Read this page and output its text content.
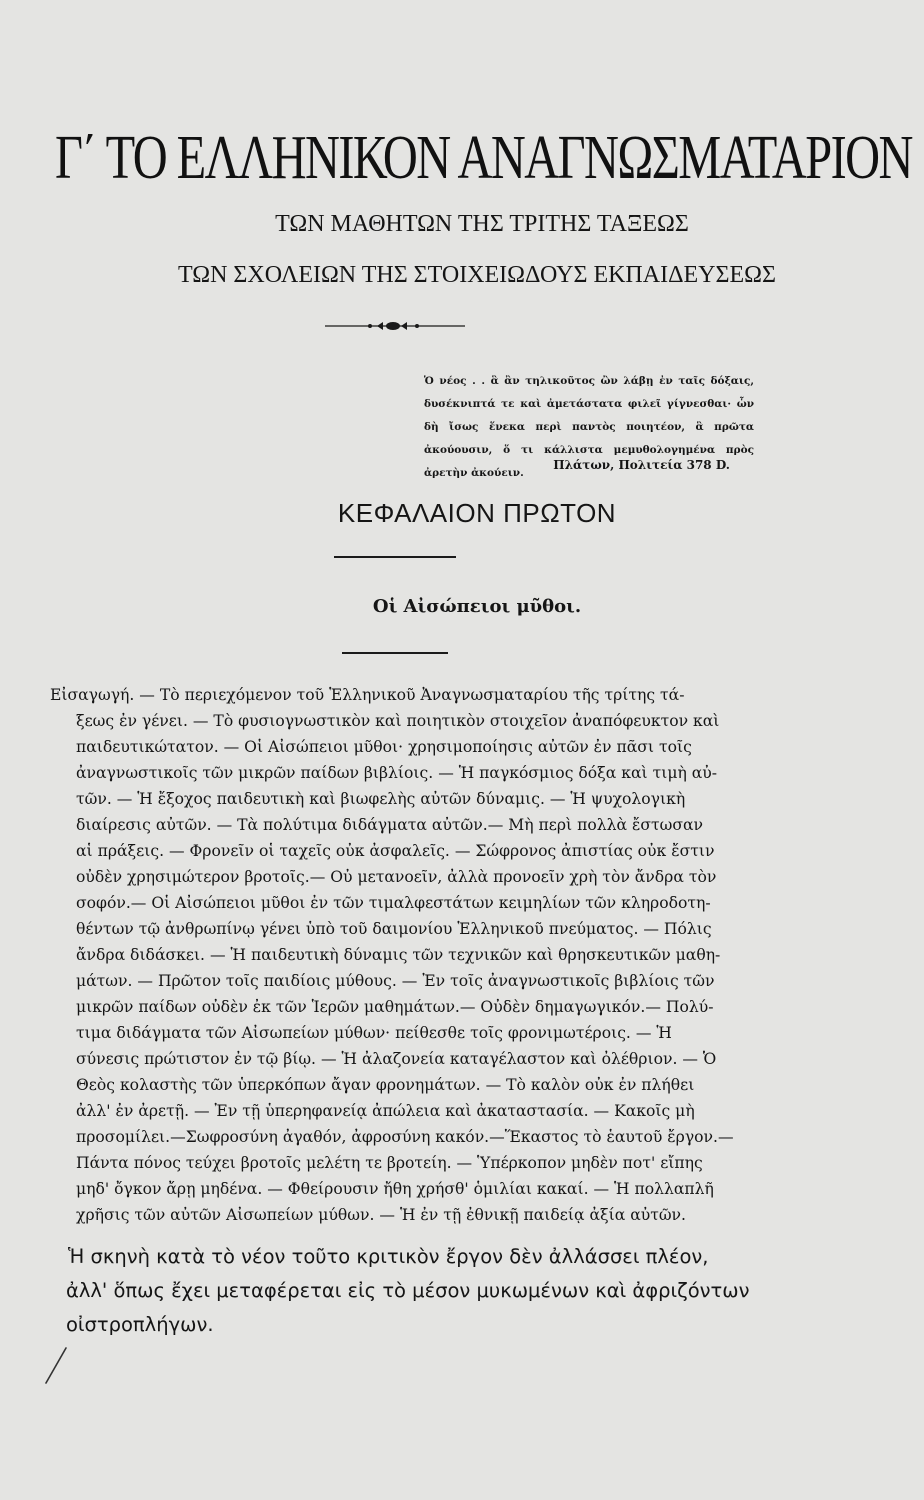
Γ΄ ΤΟ ΕΛΛΗΝΙΚΟΝ ΑΝΑΓΝΩΣΜΑΤΑΡΙΟΝ
ΤΩΝ ΜΑΘΗΤΩΝ ΤΗΣ ΤΡΙΤΗΣ ΤΑΞΕΩΣ
ΤΩΝ ΣΧΟΛΕΙΩΝ ΤΗΣ ΣΤΟΙΧΕΙΩΔΟΥΣ ΕΚΠΑΙΔΕΥΣΕΩΣ
Ὁ νέος . . ἃ ἂν τηλικοῦτος ὢν λάβῃ ἐν ταῖς δόξαις, δυσέκνιπτά τε καὶ ἀμετάστατα φιλεῖ γίγνεσθαι· ὧν δὴ ἴσως ἕνεκα περὶ παντὸς ποιητέον, ἃ πρῶτα ἀκούουσιν, ὅ τι κάλλιστα μεμυθολογημένα πρὸς ἀρετὴν ἀκούειν.
Πλάτων, Πολιτεία 378 D.
ΚΕΦΑΛΑΙΟΝ ΠΡΩΤΟΝ
Οἱ Αἰσώπειοι μῦθοι.
Εἰσαγωγή. — Τὸ περιεχόμενον τοῦ Ἑλληνικοῦ Ἀναγνωσματαρίου τῆς τρίτης τά-
ξεως ἐν γένει. — Τὸ φυσιογνωστικὸν καὶ ποιητικὸν στοιχεῖον ἀναπόφευκτον καὶ
παιδευτικώτατον. — Οἱ Αἰσώπειοι μῦθοι· χρησιμοποίησις αὐτῶν ἐν πᾶσι τοῖς
ἀναγνωστικοῖς τῶν μικρῶν παίδων βιβλίοις. — Ἡ παγκόσμιος δόξα καὶ τιμὴ αὐ-
τῶν. — Ἡ ἔξοχος παιδευτικὴ καὶ βιωφελὴς αὐτῶν δύναμις. — Ἡ ψυχολογικὴ
διαίρεσις αὐτῶν. — Τὰ πολύτιμα διδάγματα αὐτῶν.— Μὴ περὶ πολλὰ ἔστωσαν
αἱ πράξεις. — Φρονεῖν οἱ ταχεῖς οὐκ ἀσφαλεῖς. — Σώφρονος ἀπιστίας οὐκ ἔστιν
οὐδὲν χρησιμώτερον βροτοῖς.— Οὐ μετανοεῖν, ἀλλὰ προνοεῖν χρὴ τὸν ἄνδρα τὸν
σοφόν.— Οἱ Αἰσώπειοι μῦθοι ἐν τῶν τιμαλφεστάτων κειμηλίων τῶν κληροδοτη-
θέντων τῷ ἀνθρωπίνῳ γένει ὑπὸ τοῦ δαιμονίου Ἑλληνικοῦ πνεύματος. — Πόλις
ἄνδρα διδάσκει. — Ἡ παιδευτικὴ δύναμις τῶν τεχνικῶν καὶ θρησκευτικῶν μαθη-
μάτων. — Πρῶτον τοῖς παιδίοις μύθους. — Ἐν τοῖς ἀναγνωστικοῖς βιβλίοις τῶν
μικρῶν παίδων οὐδὲν ἐκ τῶν Ἱερῶν μαθημάτων.— Οὐδὲν δημαγωγικόν.— Πολύ-
τιμα διδάγματα τῶν Αἰσωπείων μύθων· πείθεσθε τοῖς φρονιμωτέροις. — Ἡ
σύνεσις πρώτιστον ἐν τῷ βίῳ. — Ἡ ἀλαζονεία καταγέλαστον καὶ ὀλέθριον. — Ὁ
Θεὸς κολαστὴς τῶν ὑπερκόπων ἄγαν φρονημάτων. — Τὸ καλὸν οὐκ ἐν πλήθει
ἀλλ' ἐν ἀρετῇ. — Ἐν τῇ ὑπερηφανείᾳ ἀπώλεια καὶ ἀκαταστασία. — Κακοῖς μὴ
προσομίλει.—Σωφροσύνη ἀγαθόν, ἀφροσύνη κακόν.—Ἕκαστος τὸ ἑαυτοῦ ἔργον.—
Πάντα πόνος τεύχει βροτοῖς μελέτη τε βροτείη. — Ὑπέρκοπον μηδὲν ποτ' εἴπης
μηδ' ὄγκον ἄρῃ μηδένα. — Φθείρουσιν ἤθη χρήσθ' ὁμιλίαι κακαί. — Ἡ πολλαπλῆ
χρῆσις τῶν αὐτῶν Αἰσωπείων μύθων. — Ἡ ἐν τῇ ἐθνικῇ παιδείᾳ ἀξία αὐτῶν.
Ἡ σκηνὴ κατὰ τὸ νέον τοῦτο κριτικὸν ἔργον δὲν ἀλλάσσει πλέον,
ἀλλ' ὅπως ἔχει μεταφέρεται εἰς τὸ μέσον μυκωμένων καὶ ἀφριζόντων
οἰστροπλήγων.
